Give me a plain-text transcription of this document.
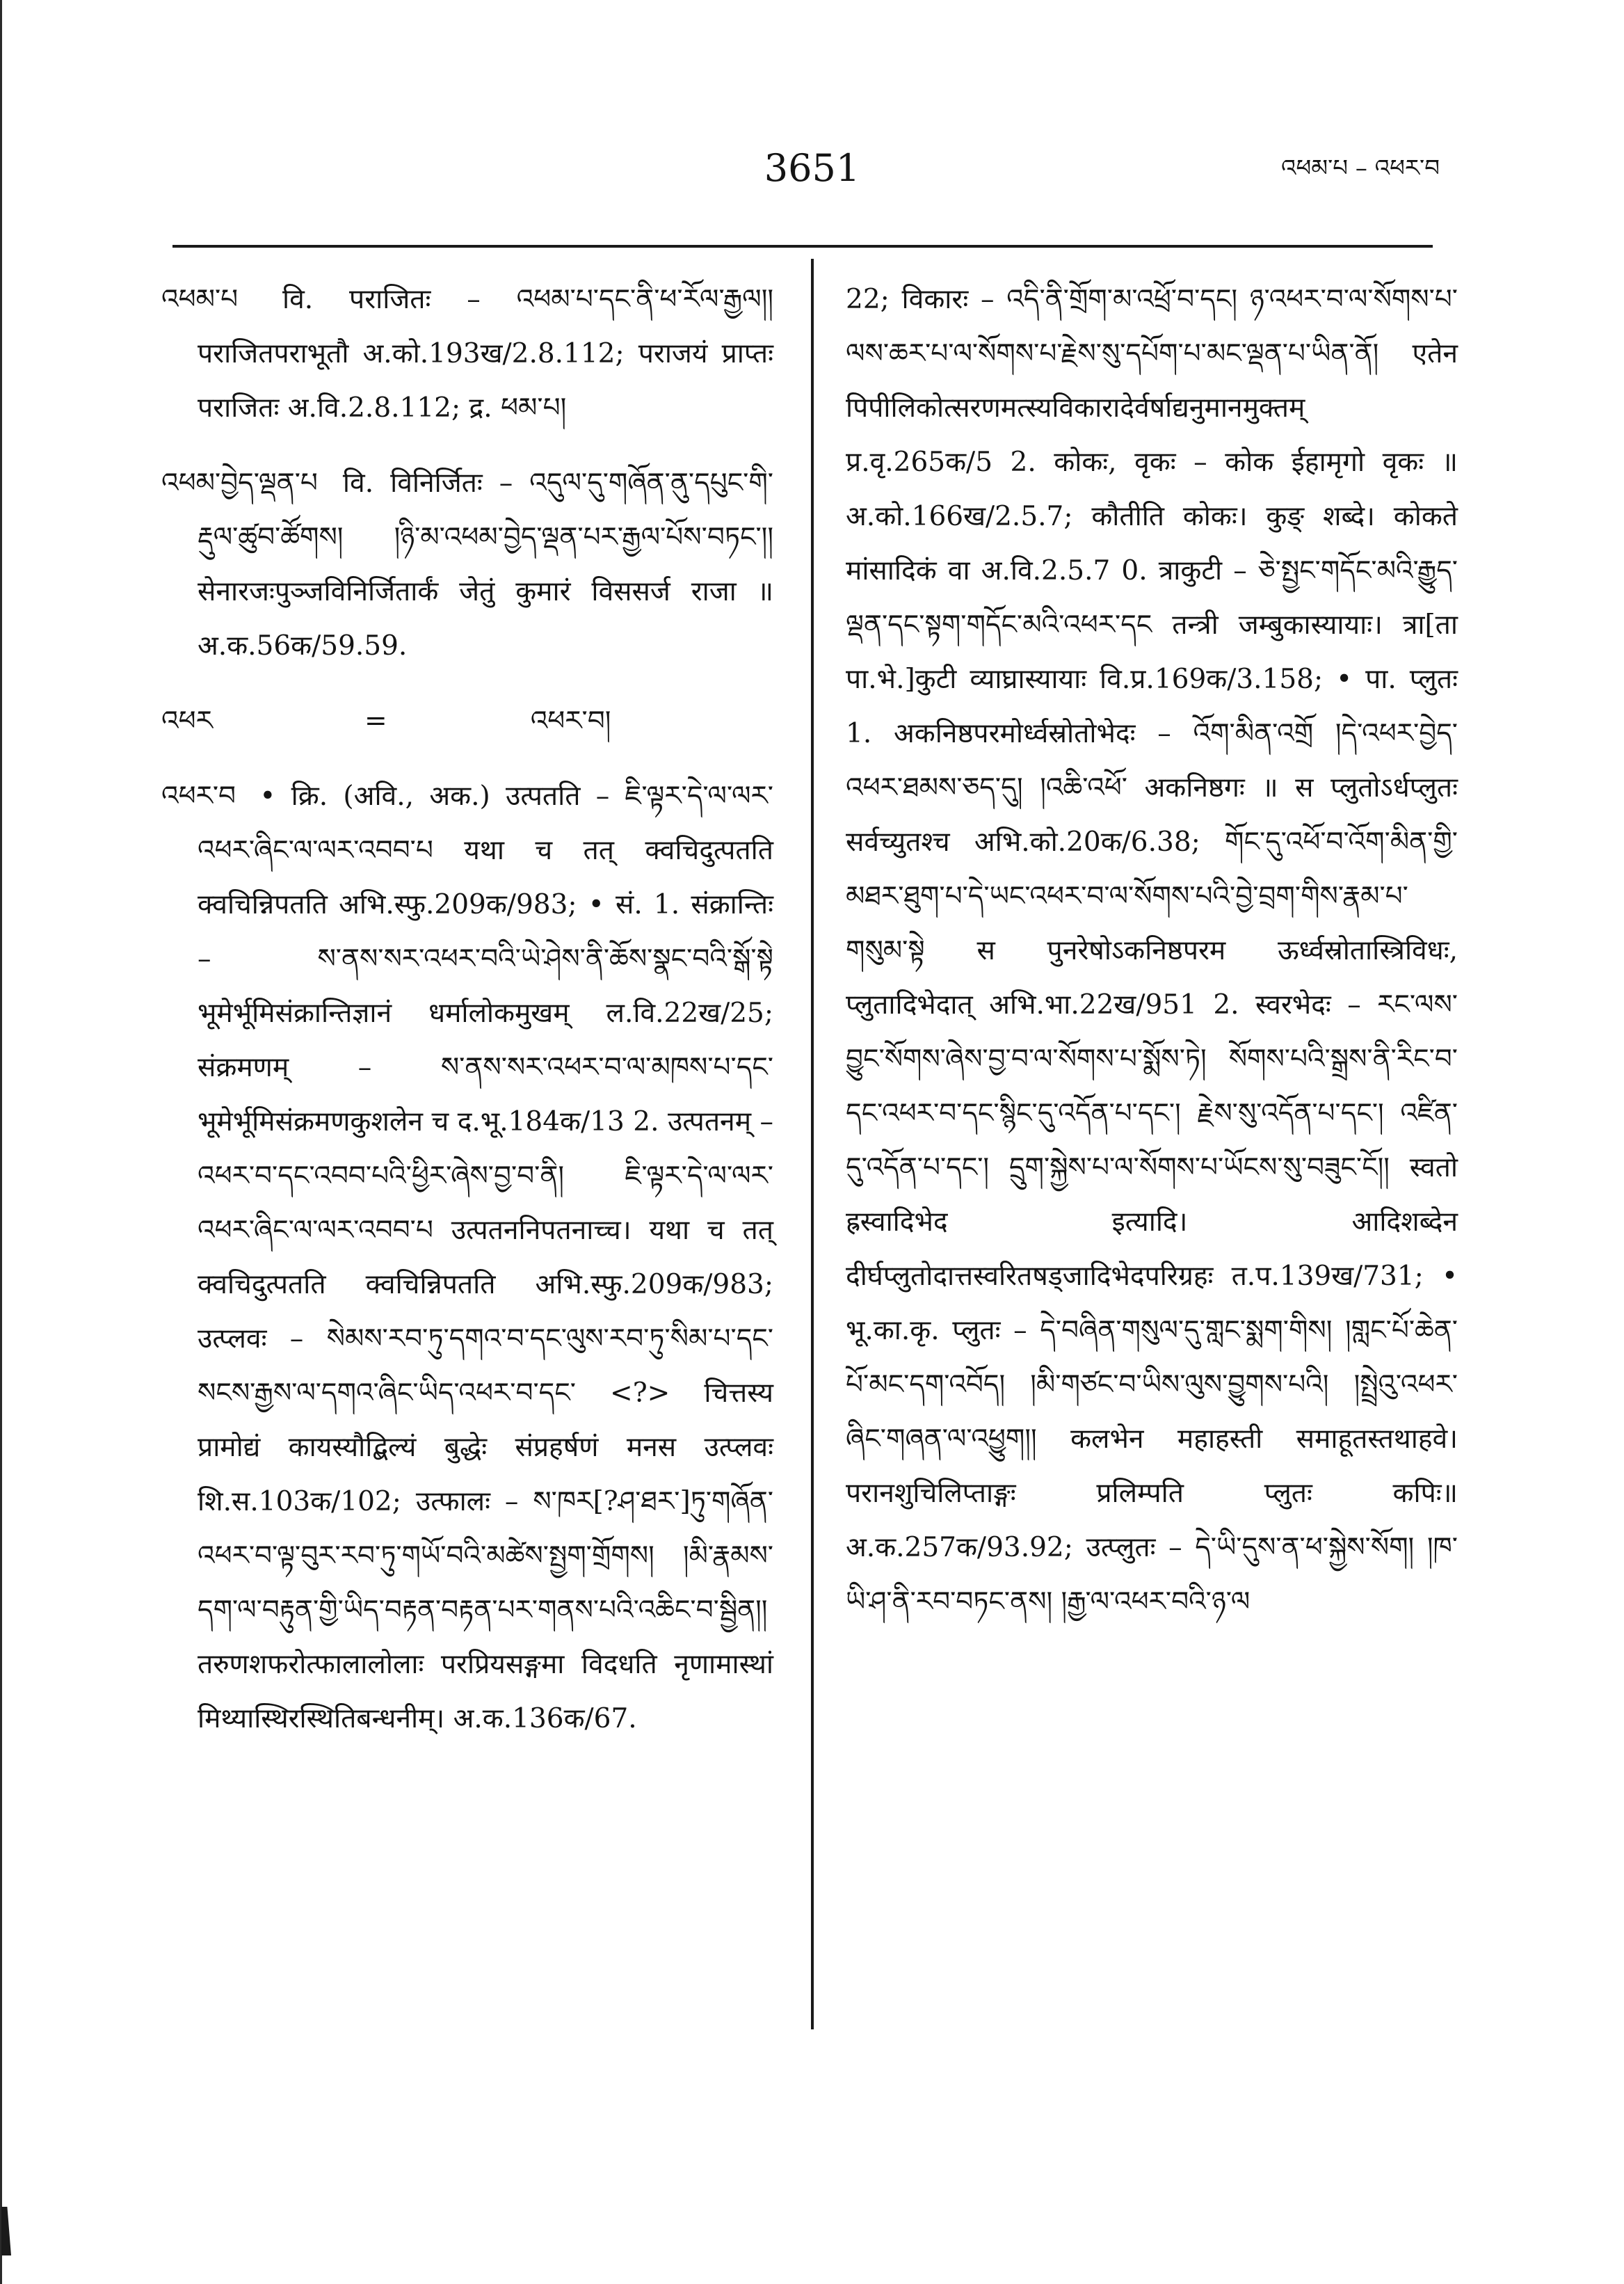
3651	འཕམ་པ – འཕར་བ
འཕམ་པ वि. पराजितः – འཕམ་པ་དང་ནི་ཕ་རོལ་རྒྱལ།། पराजितपराभूतौ अ.को.193ख/2.8.112; पराजयं प्राप्तः पराजितः अ.वि.2.8.112; द्र. ཕམ་པ།
འཕམ་བྱེད་ལྡན་པ वि. विनिर्जितः – འདུལ་དུ་གཞོན་ནུ་དཔུང་གི་རྡུལ་ཚུབ་ཚོགས། །ཉི་མ་འཕམ་བྱེད་ལྡན་པར་རྒྱལ་པོས་བཏང་།། सेनारजःपुञ्जविनिर्जितार्कं जेतुं कुमारं विससर्ज राजा ॥ अ.क.56क/59.59.
འཕར	=	འཕར་བ།
འཕར་བ • क्रि. (अवि., अक.) उत्पतति – ཇི་ལྟར་དེ་ལ་ལར་འཕར་ཞིང་ལ་ལར་འབབ་པ यथा च तत् क्वचिदुत्पतति क्वचिन्निपतति अभि.स्फु.209क/983; • सं. 1. संक्रान्तिः – ས་ནས་སར་འཕར་བའི་ཡེ་ཤེས་ནི་ཆོས་སྣང་བའི་སྒོ་སྟེ भूमेर्भूमिसंक्रान्तिज्ञानं धर्मालोकमुखम् ल.वि.22ख/25; संक्रमणम् – ས་ནས་སར་འཕར་བ་ལ་མཁས་པ་དང་ भूमेर्भूमिसंक्रमणकुशलेन च द.भू.184क/13 2. उत्पतनम् – འཕར་བ་དང་འབབ་པའི་ཕྱིར་ཞེས་བྱ་བ་ནི། ཇི་ལྟར་དེ་ལ་ལར་འཕར་ཞིང་ལ་ལར་འབབ་པ उत्पतननिपतनाच्च। यथा च तत् क्वचिदुत्पतति क्वचिन्निपतति अभि.स्फु.209क/983; उत्प्लवः – སེམས་རབ་ཏུ་དགའ་བ་དང་ལུས་རབ་ཏུ་སིམ་པ་དང་སངས་རྒྱས་ལ་དགའ་ཞིང་ཡིད་འཕར་བ་དང་ <?> चित्तस्य प्रामोद्यं कायस्यौद्बिल्यं बुद्धेः संप्रहर्षणं मनस उत्प्लवः शि.स.103क/102; उत्फालः – ས་ཁར[?ཤ་ཐར་]ཏུ་གཞོན་འཕར་བ་ལྟ་བུར་རབ་ཏུ་གཡོ་བའི་མཚེས་སྤྱག་གྲོགས། །མི་རྣམས་དག་ལ་བརྟུན་གྱི་ཡིད་བརྟན་བརྟན་པར་གནས་པའི་འཆིང་བ་སྦྱིན།། तरुणशफरोत्फालालोलाः परप्रियसङ्गमा विदधति नृणामास्थां मिथ्यास्थिरस्थितिबन्धनीम्। अ.क.136क/67.
22; विकारः – འདི་ནི་གྲོག་མ་འཕྲོ་བ་དང། ཉ་འཕར་བ་ལ་སོགས་པ་ལས་ཆར་པ་ལ་སོགས་པ་རྗེས་སུ་དཔོག་པ་མང་ལྡན་པ་ཡིན་ནོ། एतेन पिपीलिकोत्सरणमत्स्यविकारादेर्वर्षाद्यनुमानमुक्तम् प्र.वृ.265क/5 2. कोकः, वृकः – कोक ईहामृगो वृकः ॥ अ.को.166ख/2.5.7; कौतीति कोकः। कुङ् शब्दे। कोकते मांसादिकं वा अ.वि.2.5.7 0. त्राकुटी – ཅེ་སྤྱང་གདོང་མའི་རྒྱུད་ལྡན་དང་སྟག་གདོང་མའི་འཕར་དང तन्त्री जम्बुकास्यायाः। त्रा[ता पा.भे.]कुटी व्याघ्रास्यायाः वि.प्र.169क/3.158; • पा. प्लुतः 1. अकनिष्ठपरमोर्ध्वस्रोतोभेदः – འོག་མིན་འགྲོ །དེ་འཕར་བྱེད་འཕར་ཐམས་ཅད་དུ། །འཆི་འཕོ་ अकनिष्ठगः ॥ स प्लुतोऽर्धप्लुतः सर्वच्युतश्च अभि.को.20क/6.38; གོང་དུ་འཕོ་བ་འོག་མིན་གྱི་མཐར་ཐུག་པ་དེ་ཡང་འཕར་བ་ལ་སོགས་པའི་བྱེ་བྲག་གིས་རྣམ་པ་གསུམ་སྟེ स पुनरेषोऽकनिष्ठपरम ऊर्ध्वस्रोतास्त्रिविधः, प्लुतादिभेदात् अभि.भा.22ख/951 2. स्वरभेदः – རང་ལས་བྱུང་སོགས་ཞེས་བྱ་བ་ལ་སོགས་པ་སྨོས་ཏེ། སོགས་པའི་སྒྲས་ནི་རིང་བ་དང་འཕར་བ་དང་སྙིང་དུ་འདོན་པ་དང་། རྗེས་སུ་འདོན་པ་དང་། འཛིན་དུ་འདོན་པ་དང་། དྲུག་སྐྱེས་པ་ལ་སོགས་པ་ཡོངས་སུ་བཟུང་ངོ།། स्वतो ह्रस्वादिभेद इत्यादि। आदिशब्देन दीर्घप्लुतोदात्तस्वरितषड्जादिभेदपरिग्रहः त.प.139ख/731; • भू.का.कृ. प्लुतः – དེ་བཞིན་གསུལ་དུ་གླང་སྨག་གིས། །གླང་པོ་ཆེན་པོ་མང་དག་འབོད། །མི་གཙང་བ་ཡིས་ལུས་བྱུགས་པའི། །སྤྲེའུ་འཕར་ཞིང་གཞན་ལ་འཕྱུག།། कलभेन महाहस्ती समाहूतस्तथाहवे। परानशुचिलिप्ताङ्गः प्रलिम्पति प्लुतः कपिः॥ अ.क.257क/93.92; उत्प्लुतः – དེ་ཡི་དུས་ན་ཕ་སྐྱེས་སོག། །ཁ་ཡི་ཤ་ནི་རབ་བཏང་ནས། །རྒྱ་ལ་འཕར་བའི་ཉ་ལ
